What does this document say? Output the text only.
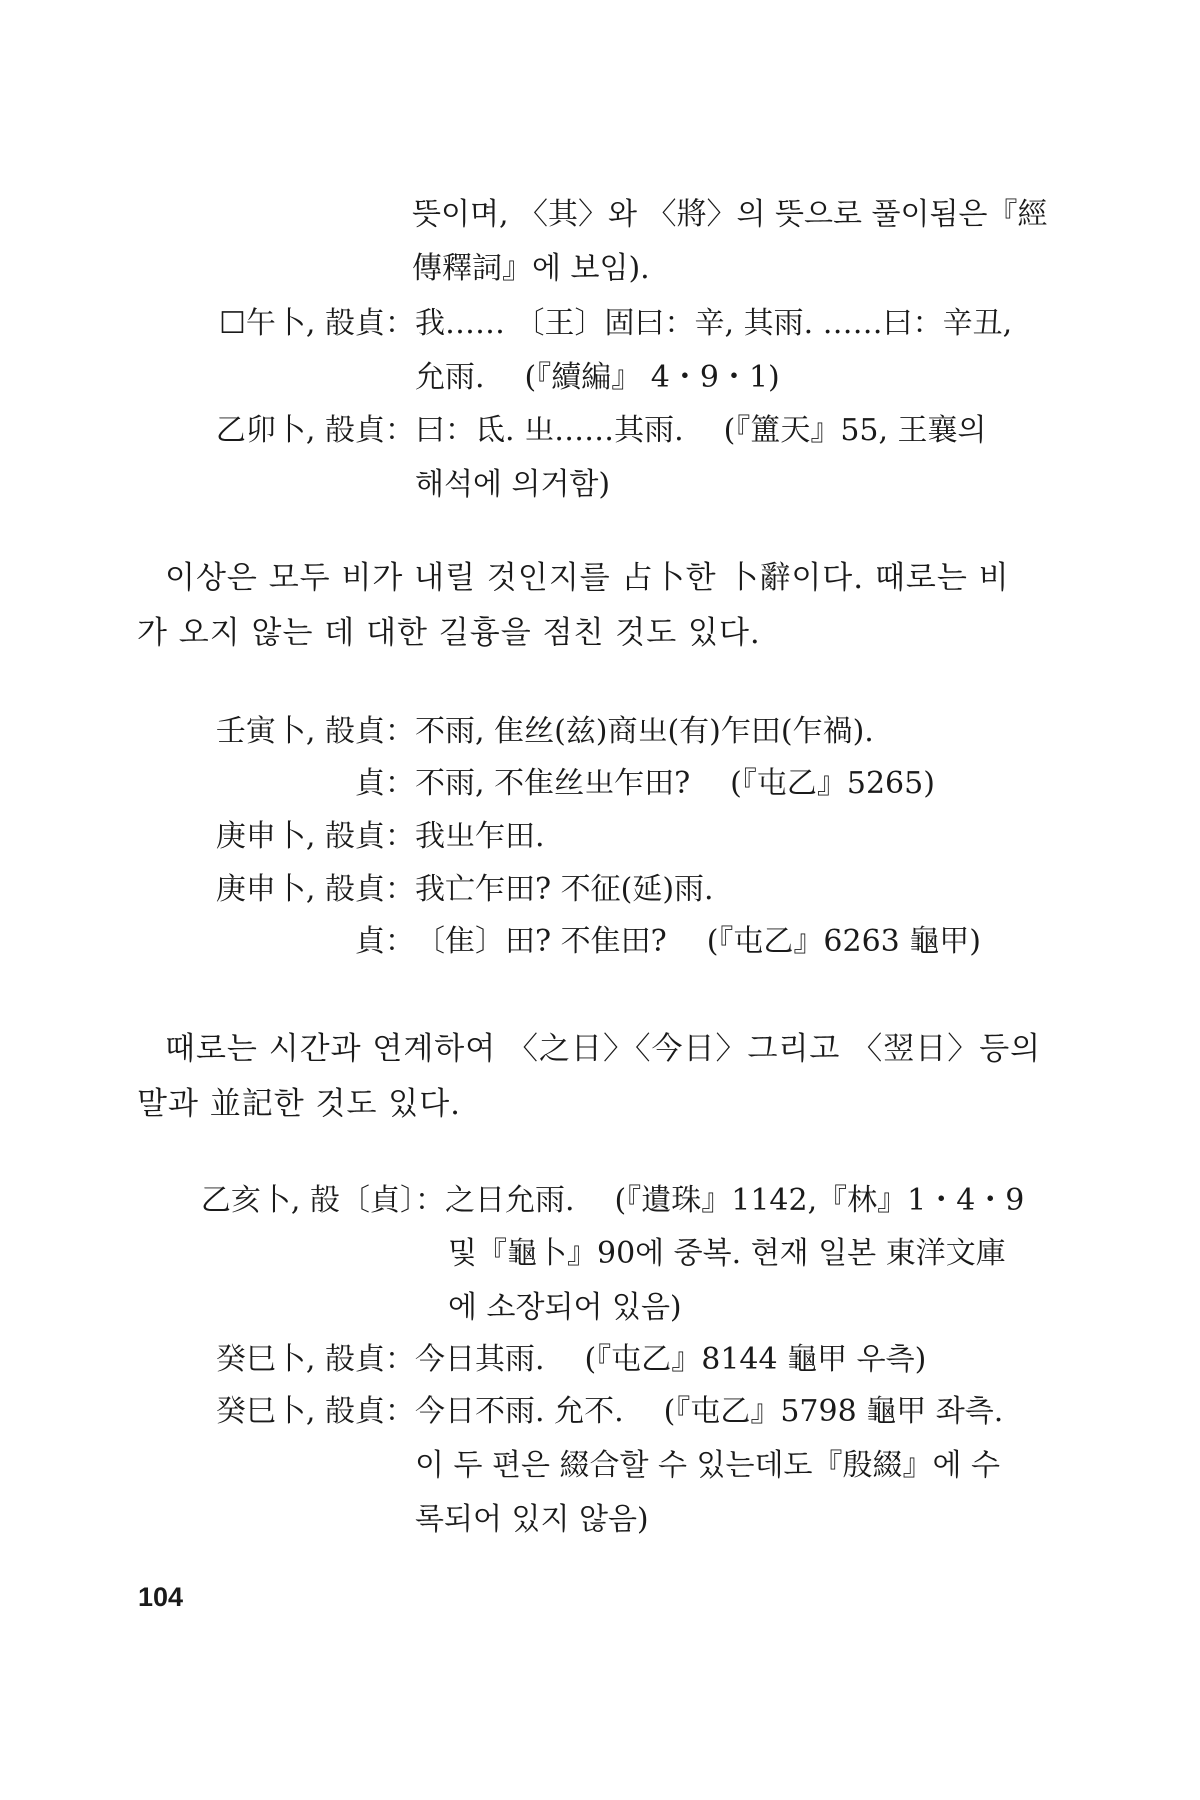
뜻이며, 〈其〉와 〈將〉의 뜻으로 풀이됨은『經
傳釋詞』에 보임).
☐午卜, 㱿貞：我…… 〔王〕固曰：辛, 其雨. ……曰：辛丑,
允雨. (『續編』 4・9・1)
乙卯卜, 㱿貞：曰：氐. 㞢……其雨. (『簠天』55, 王襄의
해석에 의거함)
이상은 모두 비가 내릴 것인지를 占卜한 卜辭이다. 때로는 비
가 오지 않는 데 대한 길흉을 점친 것도 있다.
壬寅卜, 㱿貞：不雨, 隹丝(兹)商㞢(有)乍田(乍禍).
貞：不雨, 不隹丝㞢乍田? (『屯乙』5265)
庚申卜, 㱿貞：我㞢乍田.
庚申卜, 㱿貞：我亡乍田? 不征(延)雨.
貞：〔隹〕田? 不隹田? (『屯乙』6263 龜甲)
때로는 시간과 연계하여 〈之日〉〈今日〉그리고 〈翌日〉등의
말과 並記한 것도 있다.
乙亥卜, 㱿〔貞〕：之日允雨. (『遺珠』1142,『林』1・4・9
및『龜卜』90에 중복. 현재 일본 東洋文庫
에 소장되어 있음)
癸巳卜, 㱿貞：今日其雨. (『屯乙』8144 龜甲 우측)
癸巳卜, 㱿貞：今日不雨. 允不. (『屯乙』5798 龜甲 좌측.
이 두 편은 綴合할 수 있는데도『殷綴』에 수
록되어 있지 않음)
104
